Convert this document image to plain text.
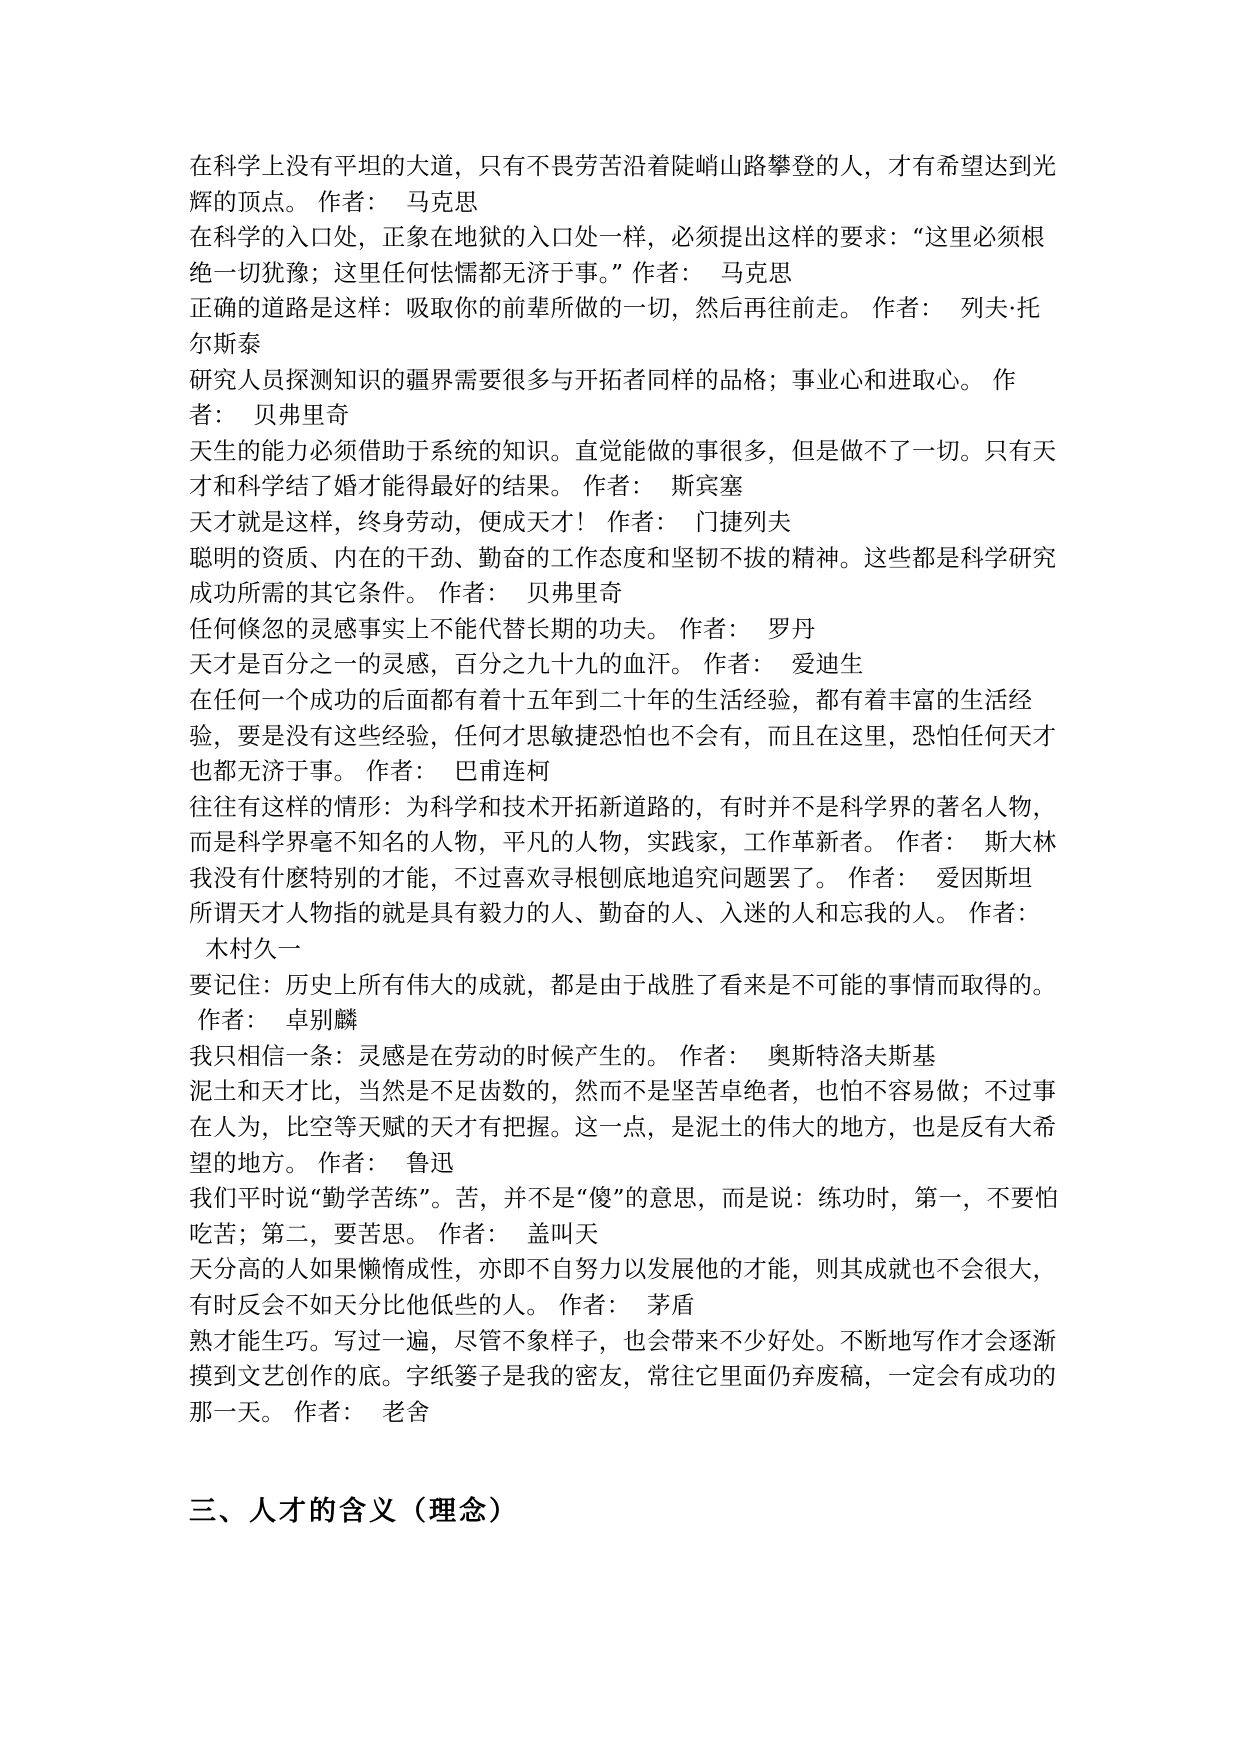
在科学上没有平坦的大道，只有不畏劳苦沿着陡峭山路攀登的人，才有希望达到光辉的顶点。 作者： 马克思

在科学的入口处，正象在地狱的入口处一样，必须提出这样的要求：“这里必须根绝一切犹豫；这里任何怯懦都无济于事。” 作者： 马克思

正确的道路是这样：吸取你的前辈所做的一切，然后再往前走。 作者： 列夫·托尔斯泰

研究人员探测知识的疆界需要很多与开拓者同样的品格；事业心和进取心。 作者： 贝弗里奇

天生的能力必须借助于系统的知识。直觉能做的事很多，但是做不了一切。只有天才和科学结了婚才能得最好的结果。 作者： 斯宾塞

天才就是这样，终身劳动，便成天才！ 作者： 门捷列夫

聪明的资质、内在的干劲、勤奋的工作态度和坚韧不拔的精神。这些都是科学研究成功所需的其它条件。 作者： 贝弗里奇

任何倏忽的灵感事实上不能代替长期的功夫。 作者： 罗丹

天才是百分之一的灵感，百分之九十九的血汗。 作者： 爱迪生

在任何一个成功的后面都有着十五年到二十年的生活经验，都有着丰富的生活经验，要是没有这些经验，任何才思敏捷恐怕也不会有，而且在这里，恐怕任何天才也都无济于事。 作者： 巴甫连柯

往往有这样的情形：为科学和技术开拓新道路的，有时并不是科学界的著名人物，而是科学界毫不知名的人物，平凡的人物，实践家，工作革新者。 作者： 斯大林

我没有什麽特别的才能，不过喜欢寻根刨底地追究问题罢了。 作者： 爱因斯坦

所谓天才人物指的就是具有毅力的人、勤奋的人、入迷的人和忘我的人。 作者：  木村久一

要记住：历史上所有伟大的成就，都是由于战胜了看来是不可能的事情而取得的。 作者： 卓别麟

我只相信一条：灵感是在劳动的时候产生的。 作者： 奥斯特洛夫斯基

泥土和天才比，当然是不足齿数的，然而不是坚苦卓绝者，也怕不容易做；不过事在人为，比空等天赋的天才有把握。这一点，是泥土的伟大的地方，也是反有大希望的地方。 作者： 鲁迅

我们平时说“勤学苦练”。苦，并不是“傻”的意思，而是说：练功时，第一，不要怕吃苦；第二，要苦思。 作者： 盖叫天

天分高的人如果懒惰成性，亦即不自努力以发展他的才能，则其成就也不会很大，有时反会不如天分比他低些的人。 作者： 茅盾

熟才能生巧。写过一遍，尽管不象样子，也会带来不少好处。不断地写作才会逐渐摸到文艺创作的底。字纸篓子是我的密友，常往它里面仍弃废稿，一定会有成功的那一天。 作者： 老舍

三、人才的含义（理念）
